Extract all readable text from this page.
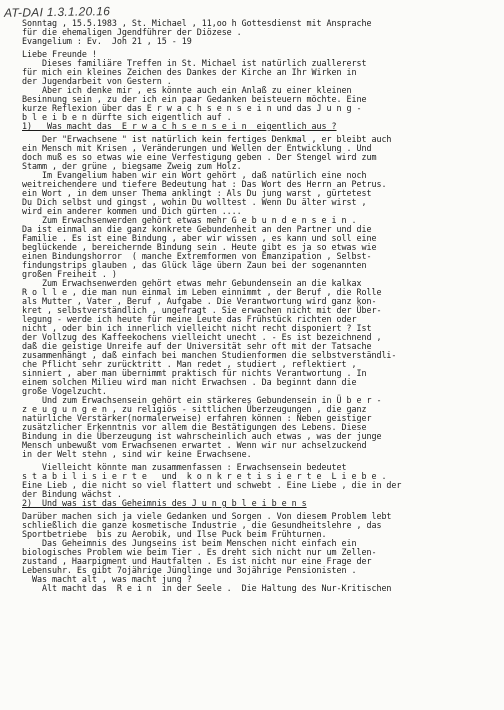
AT-DAI 1.3.1.20.16
Sonntag , 15.5.1983 , St. Michael , 11,oo h Gottesdienst mit Ansprache
für die ehemaligen Jgendführer der Diözese .
Evangelium : Ev.  Joh 21 , 15 - 19
Liebe Freunde !
Dieses familiäre Treffen in St. Michael ist natürlich zuallererst
für mich ein kleines Zeichen des Dankes der Kirche an Ihr Wirken in
der Jugendarbeit von Gestern .
Aber ich denke mir , es könnte auch ein Anlaß zu einer kleinen
Besinnung sein , zu der ich ein paar Gedanken beisteuern möchte. Eine
kurze Reflexion über das E r w a c h s e n s e i n und das J u n g -
b l e i b e n dürfte sich eigentlich auf .
1)   Was macht das  E r w a c h s e n s e i n  eigentlich aus ?
Der "Erwachsene " ist natürlich kein fertiges Denkmal , er bleibt auch
ein Mensch mit Krisen , Veränderungen und Wellen der Entwicklung . Und
doch muß es so etwas wie eine Verfestigung geben . Der Stengel wird zum
Stamm , der grüne , biegsame Zweig zum Holz.
Im Evangelium haben wir ein Wort gehört , daß natürlich eine noch
weitreichendere und tiefere Bedeutung hat : Das Wort des Herrn an Petrus.
ein Wort , in dem unser Thema anklingt : Als Du jung warst , gürtetest
Du Dich selbst und gingst , wohin Du wolltest . Wenn Du älter wirst ,
wird ein anderer kommen und Dich gürten ....
Zum Erwachsenwerden gehört etwas mehr G e b u n d e n s e i n .
Da ist einmal an die ganz konkrete Gebundenheit an den Partner und die
Familie . Es ist eine Bindung , aber wir wissen , es kann und soll eine
beglückende , bereichernde Bindung sein . Heute gibt es ja so etwas wie
einen Bindungshorror  ( manche Extremformen von Emanzipation , Selbst-
findungstrips glauben , das Glück läge übern Zaun bei der sogenannten
großen Freiheit . )
Zum Erwachsenwerden gehört etwas mehr Gebundensein an die kalkax
R o l l e , die man nun einmal im Leben einnimmt , der Beruf , die Rolle
als Mutter , Vater , Beruf , Aufgabe . Die Verantwortung wird ganz kon-
kret , selbstverständlich , ungefragt . Sie erwachen nicht mit der Über-
legung - werde ich heute für meine Leute das Frühstück richten oder
nicht , oder bin ich innerlich vielleicht nicht recht disponiert ? Ist
der Vollzug des Kaffeekochens vielleicht unecht . - Es ist bezeichnend ,
daß die geistige Unreife auf der Universität sehr oft mit der Tatsache
zusammenhängt , daß einfach bei manchen Studienformen die selbstverständli-
che Pflicht sehr zurücktritt . Man redet , studiert , reflektiert ,
sinniert , aber man übernimmt praktisch für nichts Verantwortung . In
einem solchen Milieu wird man nicht Erwachsen . Da beginnt dann die
große Vogelzucht.
Und zum Erwachsensein gehört ein stärkeres Gebundensein in Ü b e r -
z e u g u n g e n , zu religiös - sittlichen Überzeugungen , die ganz
natürliche Verstärker(normalerweise) erfahren können : Neben geistiger
zusätzlicher Erkenntnis vor allem die Bestätigungen des Lebens. Diese
Bindung in die Überzeugung ist wahrscheinlich auch etwas , was der junge
Mensch unbewußt vom Erwachsenen erwartet . Wenn wir nur achselzuckend
in der Welt stehn , sind wir keine Erwachsene.
Vielleicht könnte man zusammenfassen : Erwachsensein bedeutet
s t a b i l i s i e r t e   und  k o n k r e t i s i e r t e  L i e b e .
Eine Lieb , die nicht so viel flattert und schwebt . Eine Liebe , die in der
der Bindung wächst .
2)  Und was ist das Geheimnis des J u n g b l e i b e n s
Darüber machen sich ja viele Gedanken und Sorgen . Von diesem Problem lebt
schließlich die ganze kosmetische Industrie , die Gesundheitslehre , das
Sportbetriebe  bis zu Aerobik, und Ilse Puck beim Frühturnen.
Das Geheimnis des Jungseins ist beim Menschen nicht einfach ein
biologisches Problem wie beim Tier . Es dreht sich nicht nur um Zellen-
zustand , Haarpigment und Hautfalten . Es ist nicht nur eine Frage der
Lebensuhr. Es gibt 7ojährige Jünglinge und 3ojährige Pensionisten .
Was macht alt , was macht jung ?
Alt macht das  R e i n  in der Seele .  Die Haltung des Nur-Kritischen
